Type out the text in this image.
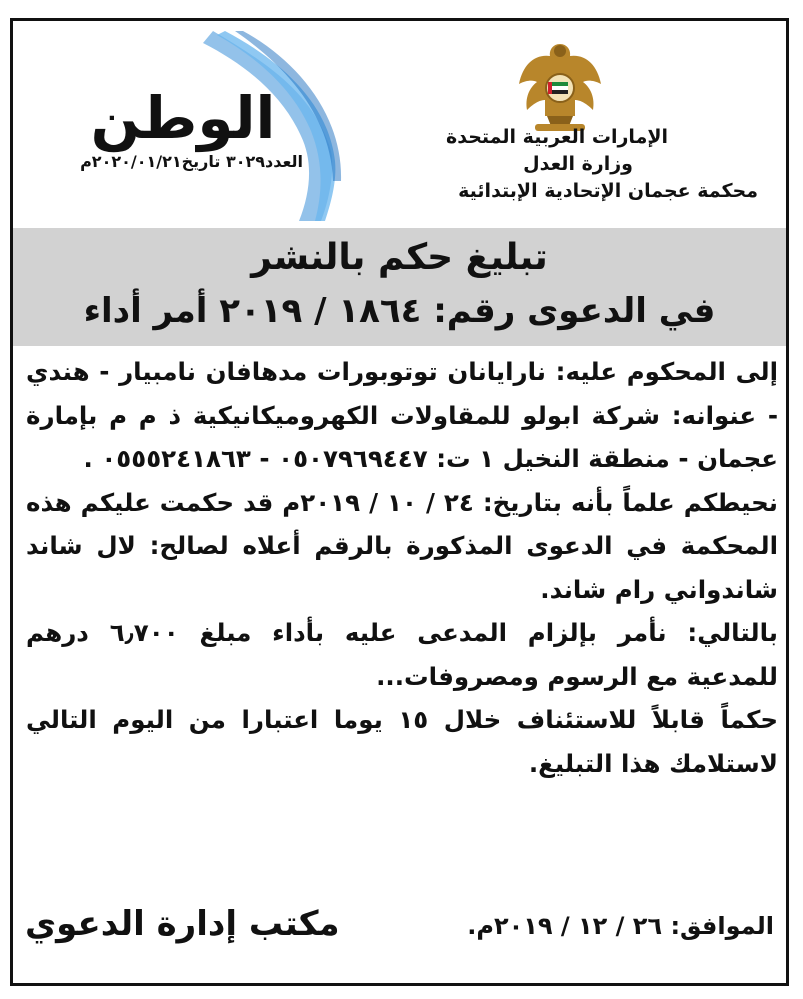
الوطن
العدد٣٠٢٩ تاريخ٢٠٢٠/٠١/٢١م
الإمارات العربية المتحدة
وزارة العدل
محكمة عجمان الإتحادية الإبتدائية
تبليغ حكم بالنشر
في الدعوى رقم: ١٨٦٤ / ٢٠١٩ أمر أداء

إلى المحكوم عليه: نارايانان توتوبورات مدهافان نامبيار - هندي - عنوانه: شركة ابولو للمقاولات الكهروميكانيكية ذ م م بإمارة عجمان - منطقة النخيل ١ ت: ٠٥٠٧٩٦٩٤٤٧ - ٠٥٥٥٢٤١٨٦٣ .

نحيطكم علماً بأنه بتاريخ: ٢٤ / ١٠ / ٢٠١٩م قد حكمت عليكم هذه المحكمة في الدعوى المذكورة بالرقم أعلاه لصالح: لال شاند شاندواني رام شاند.

بالتالي: نأمر بإلزام المدعى عليه بأداء مبلغ ٦٫٧٠٠ درهم للمدعية مع الرسوم ومصروفات...

حكماً قابلاً للاستئناف خلال ١٥ يوما اعتبارا من اليوم التالي لاستلامك هذا التبليغ.

الموافق: ٢٦ / ١٢ / ٢٠١٩م.
مكتب إدارة الدعوي
